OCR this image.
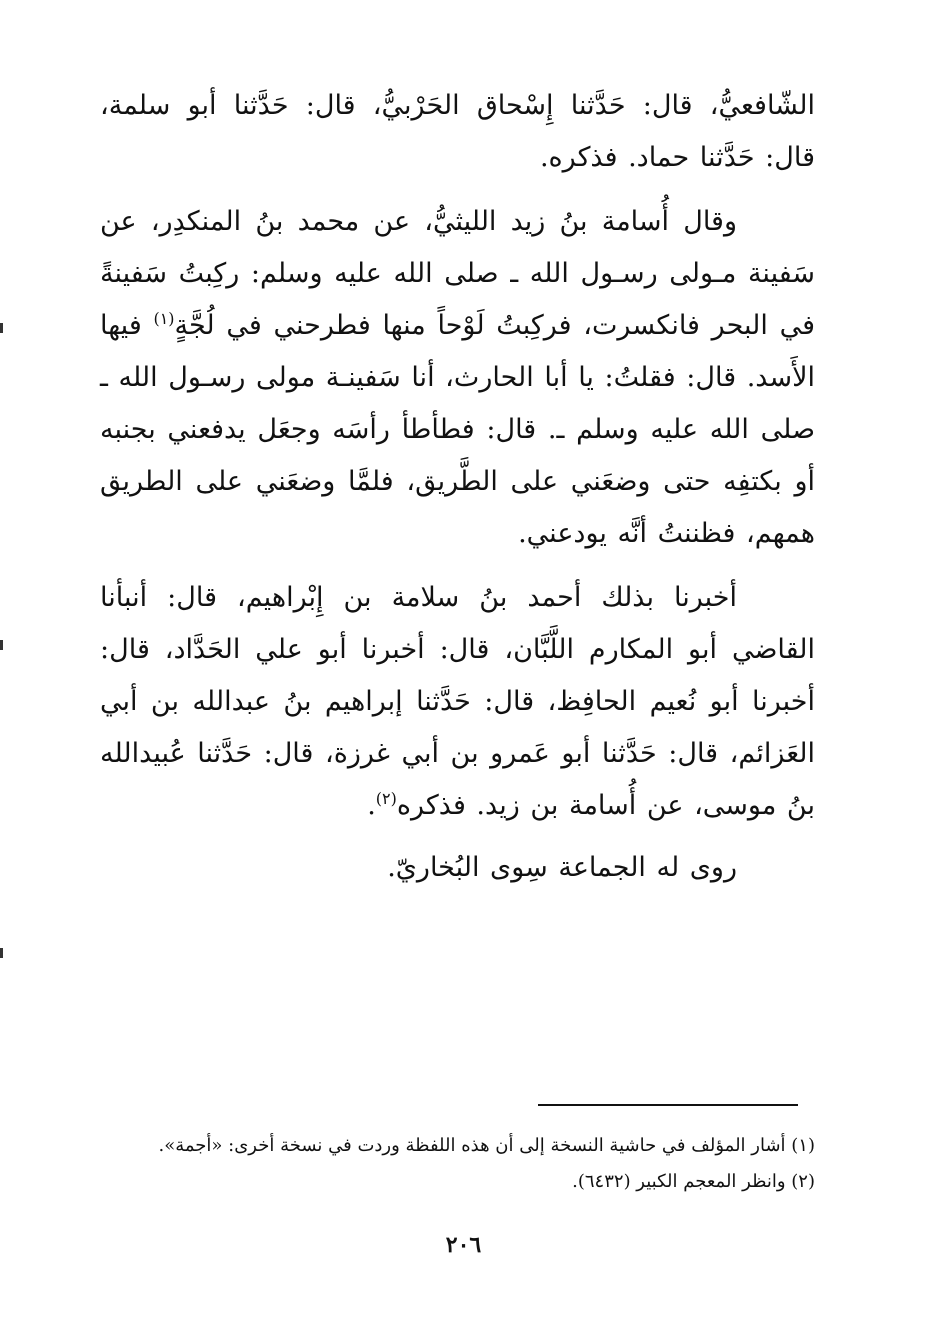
الشّافعيُّ، قال: حَدَّثنا إِسْحاق الحَرْبيُّ، قال: حَدَّثنا أبو سلمة، قال: حَدَّثنا حماد. فذكره.

وقال أُسامة بنُ زيد الليثيُّ، عن محمد بنُ المنكدِر، عن سَفينة مـولى رسـول الله ـ صلى الله عليه وسلم: ركِبتُ سَفينةً في البحر فانكسرت، فركِبتُ لَوْحاً منها فطرحني في لُجَّةٍ$^{(١)}$ فيها الأَسد. قال: فقلتُ: يا أبا الحارث، أنا سَفينـة مولى رسـول الله ـ صلى الله عليه وسلم ـ. قال: فطأطأ رأسَه وجعَل يدفعني بجنبه أو بكتفِه حتى وضعَني على الطَّريق، فلمَّا وضعَني على الطريق همهم، فظننتُ أنَّه يودعني.

أخبرنا بذلك أحمد بنُ سلامة بن إِبْراهيم، قال: أنبأنا القاضي أبو المكارم اللَّبَّان، قال: أخبرنا أبو علي الحَدَّاد، قال: أخبرنا أبو نُعيم الحافِظ، قال: حَدَّثنا إبراهيم بنُ عبدالله بن أبي العَزائم، قال: حَدَّثنا أبو عَمرو بن أبي غرزة، قال: حَدَّثنا عُبيدالله بنُ موسى، عن أُسامة بن زيد. فذكره$^{(٢)}$.

روى له الجماعة سِوى البُخاريّ.

(١) أشار المؤلف في حاشية النسخة إلى أن هذه اللفظة وردت في نسخة أخرى: «أجمة».

(٢) وانظر المعجم الكبير (٦٤٣٢).

٢٠٦
